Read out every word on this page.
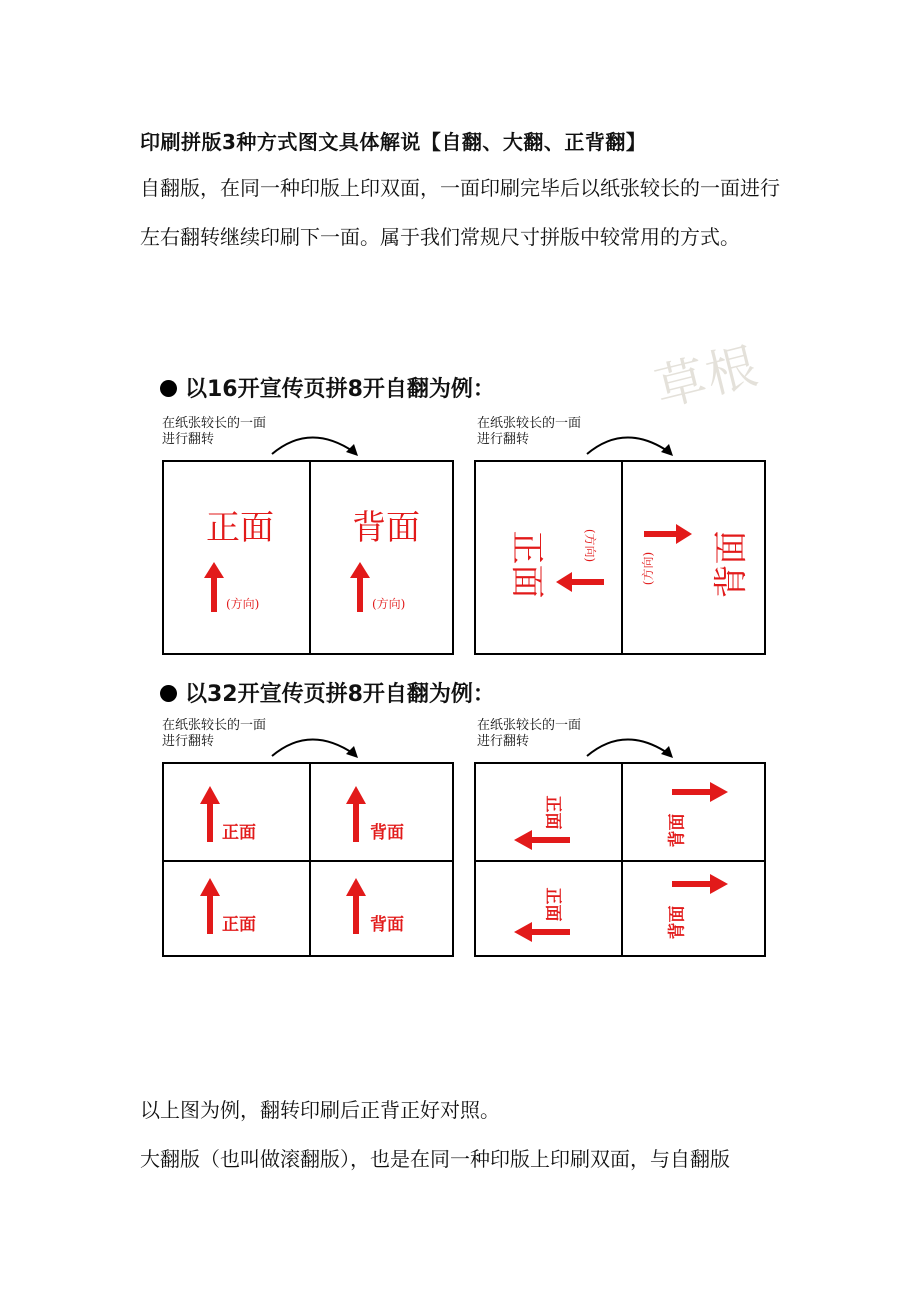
印刷拼版3种方式图文具体解说【自翻、大翻、正背翻】
自翻版，在同一种印版上印双面，一面印刷完毕后以纸张较长的一面进行左右翻转继续印刷下一面。属于我们常规尺寸拼版中较常用的方式。
草根
以16开宣传页拼8开自翻为例：
在纸张较长的一面
进行翻转
正面
(方向)
背面
(方向)
在纸张较长的一面
进行翻转
正面	(方向)
(方向) 背面
以32开宣传页拼8开自翻为例：
在纸张较长的一面
进行翻转
正面	背面
正面	背面
在纸张较长的一面
进行翻转
正面
背面
正面
背面
以上图为例，翻转印刷后正背正好对照。
大翻版（也叫做滚翻版），也是在同一种印版上印刷双面，与自翻版
